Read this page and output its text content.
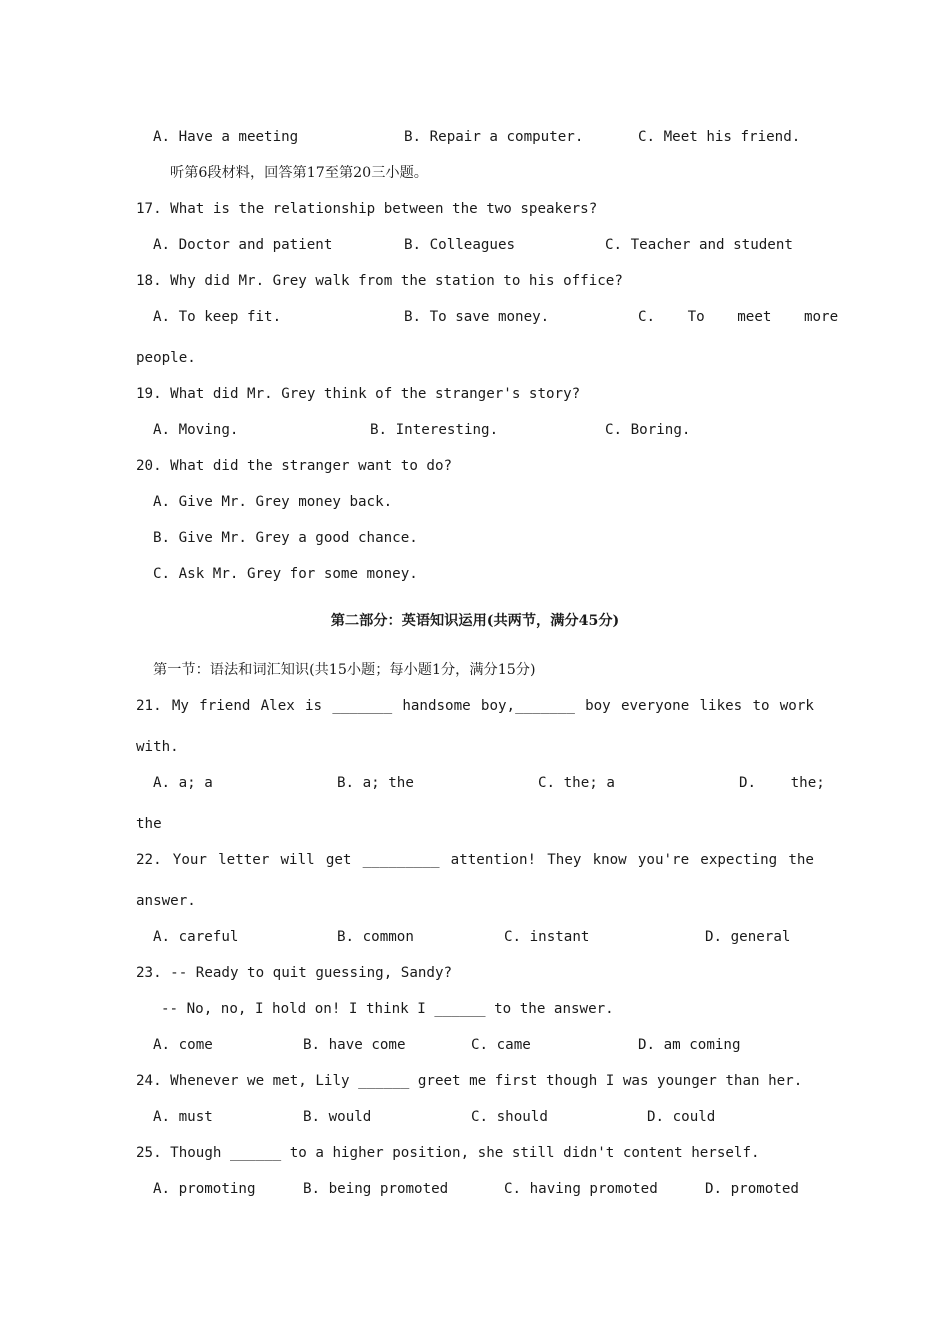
A. Have a meeting	B. Repair a computer.	C. Meet his friend.
听第6段材料，回答第17至第20三小题。
17. What is the relationship between the two speakers?
A. Doctor and patient	B. Colleagues	C. Teacher and student
18. Why did Mr. Grey walk from the station to his office?
A. To keep fit.	B. To save money.	C. To meet more
people.
19. What did Mr. Grey think of the stranger's story?
A. Moving.	B. Interesting.	C. Boring.
20. What did the stranger want to do?
A. Give Mr. Grey money back.
B. Give Mr. Grey a good chance.
C. Ask Mr. Grey for some money.
第二部分：英语知识运用(共两节，满分45分)
第一节：语法和词汇知识(共15小题；每小题1分，满分15分)
21. My friend Alex is _______ handsome boy,_______ boy everyone likes to work
with.
A. a; a	B. a; the	C. the; a	D. the;
the
22. Your letter will get _________ attention! They know you're expecting the
answer.
A. careful	B. common	C. instant	D. general
23. -- Ready to quit guessing, Sandy?
-- No, no, I hold on! I think I ______ to the answer.
A. come	B. have come	C. came	D. am coming
24. Whenever we met, Lily ______ greet me first though I was younger than her.
A. must	B. would	C. should	D. could
25. Though ______ to a higher position, she still didn't content herself.
A. promoting	B. being promoted	C. having promoted	D. promoted
